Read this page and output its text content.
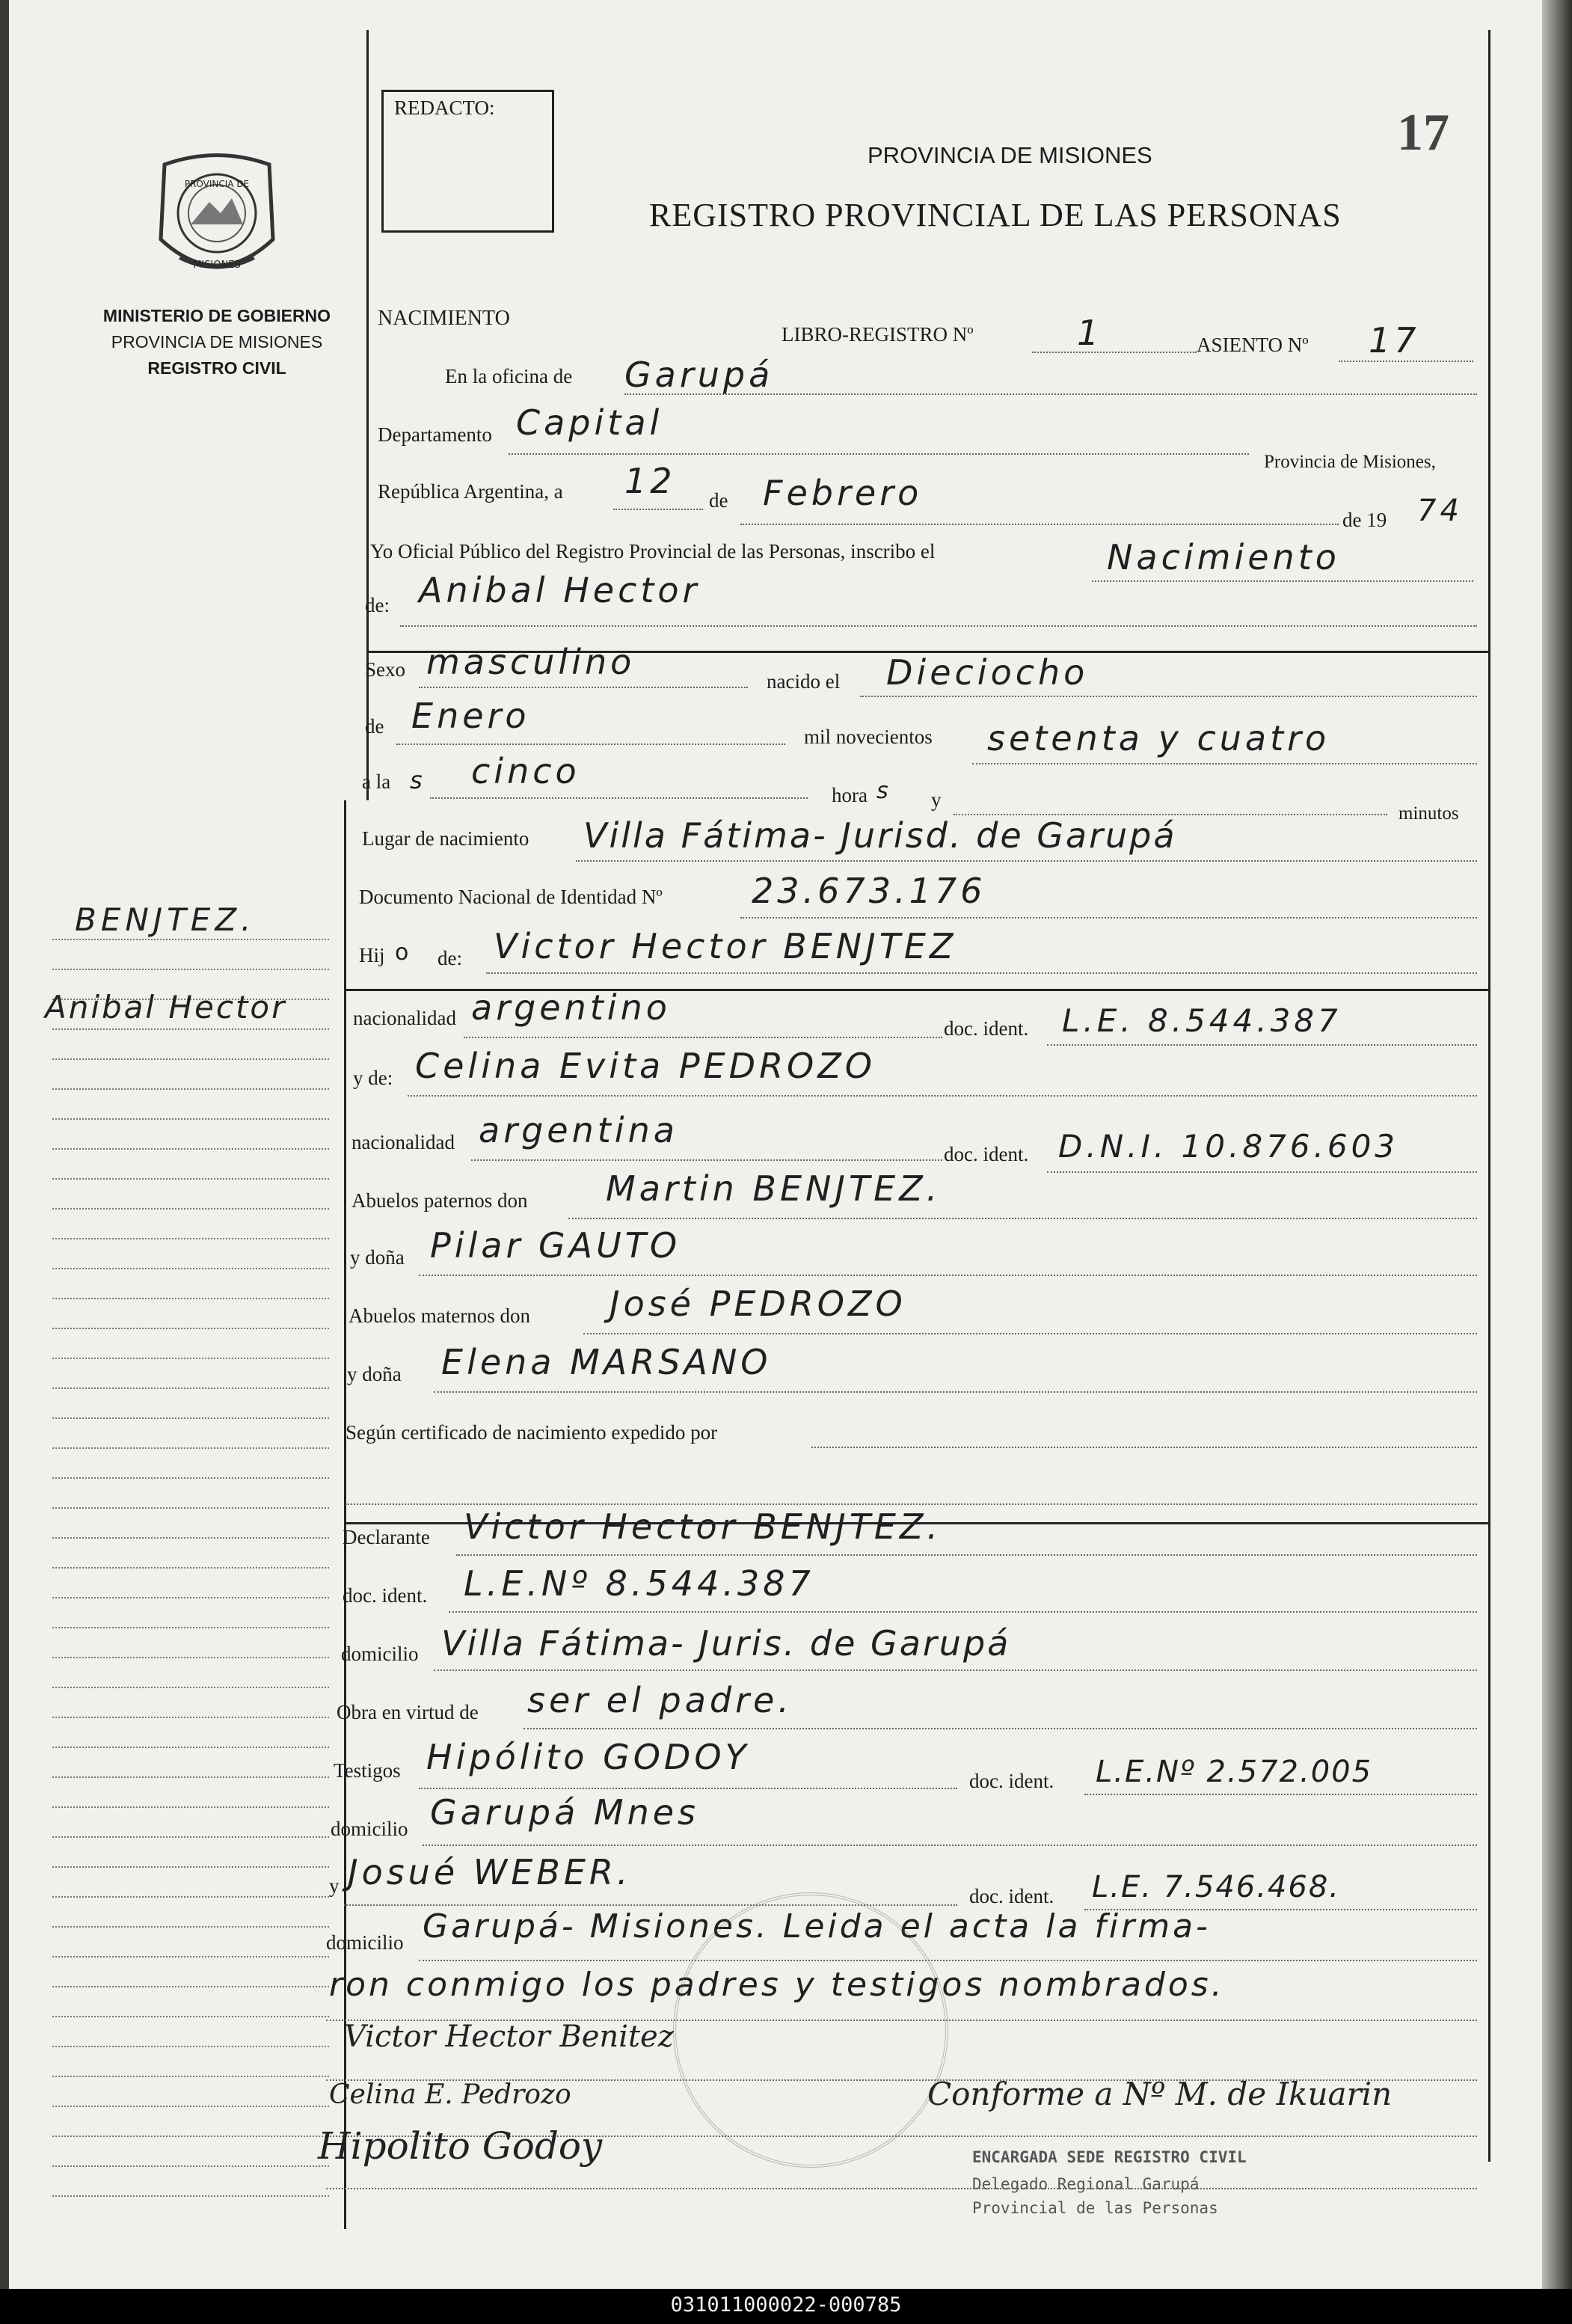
031011000022-000785
PROVINCIA DE
MISIONES
MINISTERIO DE GOBIERNO
PROVINCIA DE MISIONES
REGISTRO CIVIL
BENJTEZ.
Anibal Hector
REDACTO:	17
PROVINCIA DE MISIONES
REGISTRO PROVINCIAL DE LAS PERSONAS
NACIMIENTO
LIBRO-REGISTRO Nº	1	ASIENTO Nº 17
En la oficina de Garupá
Departamento Capital
Provincia de Misiones,
República Argentina, a 12 de Febrero
de 19 74
Yo Oficial Público del Registro Provincial de las Personas, inscribo el	Nacimiento
de: Anibal Hector
Sexo masculino	nacido el Dieciocho
de Enero
mil novecientos setenta y cuatro
a la s cinco
hora s y
minutos
Lugar de nacimiento Villa Fátima- Jurisd. de Garupá
Documento Nacional de Identidad Nº	23.673.176
Hij o de: Victor Hector BENJTEZ
nacionalidad argentino
doc. ident. L.E. 8.544.387
y de: Celina Evita PEDROZO
nacionalidad argentina
doc. ident. D.N.I. 10.876.603
Abuelos paternos don Martin BENJTEZ.
y doña Pilar GAUTO
Abuelos maternos don José PEDROZO
y doña Elena MARSANO
Según certificado de nacimiento expedido por
Declarante Victor Hector BENJTEZ.
doc. ident. L.E.Nº 8.544.387
domicilio Villa Fátima- Juris. de Garupá
Obra en virtud de ser el padre.
Testigos Hipólito GODOY
doc. ident. L.E.Nº 2.572.005
domicilio Garupá Mnes
y Josué WEBER.
doc. ident. L.E. 7.546.468.
domicilio Garupá- Misiones. Leida el acta la firma-
ron conmigo los padres y testigos nombrados.
ENCARGADA SEDE REGISTRO CIVIL
Delegado Regional Garupá
Provincial de las Personas
Victor Hector Benitez
Celina E. Pedrozo
Hipolito Godoy
Conforme a Nº M. de Ikuarin
